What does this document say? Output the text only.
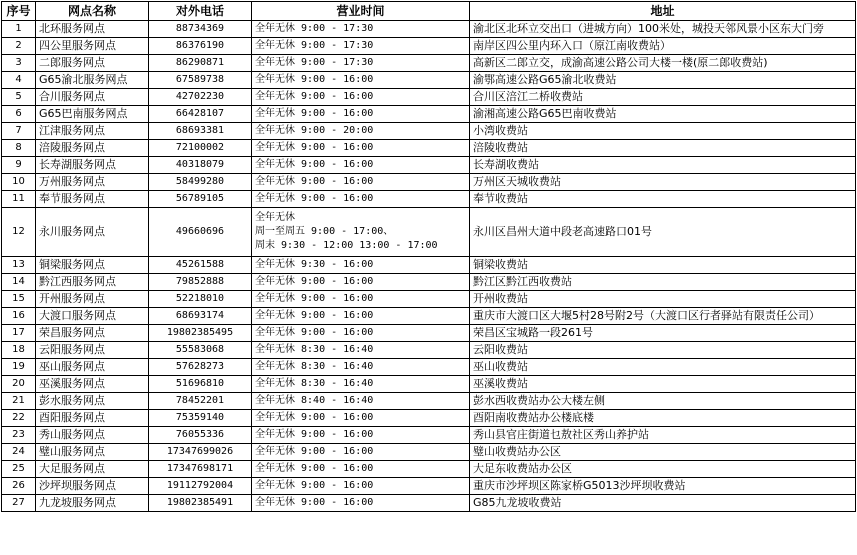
序号	网点名称	对外电话	营业时间	地址
1	北环服务网点	88734369	全年无休 9:00 - 17:30	渝北区北环立交出口（进城方向）100米处，城投天邻风景小区东大门旁
2	四公里服务网点	86376190	全年无休 9:00 - 17:30	南岸区四公里内环入口（原江南收费站）
3	二郎服务网点	86290871	全年无休 9:00 - 17:30	高新区二郎立交，成渝高速公路公司大楼一楼(原二郎收费站)
4	G65渝北服务网点	67589738	全年无休 9:00 - 16:00	渝鄂高速公路G65渝北收费站
5	合川服务网点	42702230	全年无休 9:00 - 16:00	合川区涪江二桥收费站
6	G65巴南服务网点	66428107	全年无休 9:00 - 16:00	渝湘高速公路G65巴南收费站
7	江津服务网点	68693381	全年无休 9:00 - 20:00	小湾收费站
8	涪陵服务网点	72100002	全年无休 9:00 - 16:00	涪陵收费站
9	长寿湖服务网点	40318079	全年无休 9:00 - 16:00	长寿湖收费站
10	万州服务网点	58499280	全年无休 9:00 - 16:00	万州区天城收费站
11	奉节服务网点	56789105	全年无休 9:00 - 16:00	奉节收费站
12	永川服务网点	49660696	全年无休
周一至周五 9:00 - 17:00、
周末 9:30 - 12:00 13:00 - 17:00	永川区昌州大道中段老高速路口01号
13	铜梁服务网点	45261588	全年无休 9:30 - 16:00	铜梁收费站
14	黔江西服务网点	79852888	全年无休 9:00 - 16:00	黔江区黔江西收费站
15	开州服务网点	52218010	全年无休 9:00 - 16:00	开州收费站
16	大渡口服务网点	68693174	全年无休 9:00 - 16:00	重庆市大渡口区大堰5村28号附2号（大渡口区行者驿站有限责任公司）
17	荣昌服务网点	19802385495	全年无休 9:00 - 16:00	荣昌区宝城路一段261号
18	云阳服务网点	55583068	全年无休 8:30 - 16:40	云阳收费站
19	巫山服务网点	57628273	全年无休 8:30 - 16:40	巫山收费站
20	巫溪服务网点	51696810	全年无休 8:30 - 16:40	巫溪收费站
21	彭水服务网点	78452201	全年无休 8:40 - 16:40	彭水西收费站办公大楼左侧
22	酉阳服务网点	75359140	全年无休 9:00 - 16:00	酉阳南收费站办公楼底楼
23	秀山服务网点	76055336	全年无休 9:00 - 16:00	秀山县官庄街道乜敖社区秀山养护站
24	璧山服务网点	17347699026	全年无休 9:00 - 16:00	璧山收费站办公区
25	大足服务网点	17347698171	全年无休 9:00 - 16:00	大足东收费站办公区
26	沙坪坝服务网点	19112792004	全年无休 9:00 - 16:00	重庆市沙坪坝区陈家桥G5013沙坪坝收费站
27	九龙坡服务网点	19802385491	全年无休 9:00 - 16:00	G85九龙坡收费站
